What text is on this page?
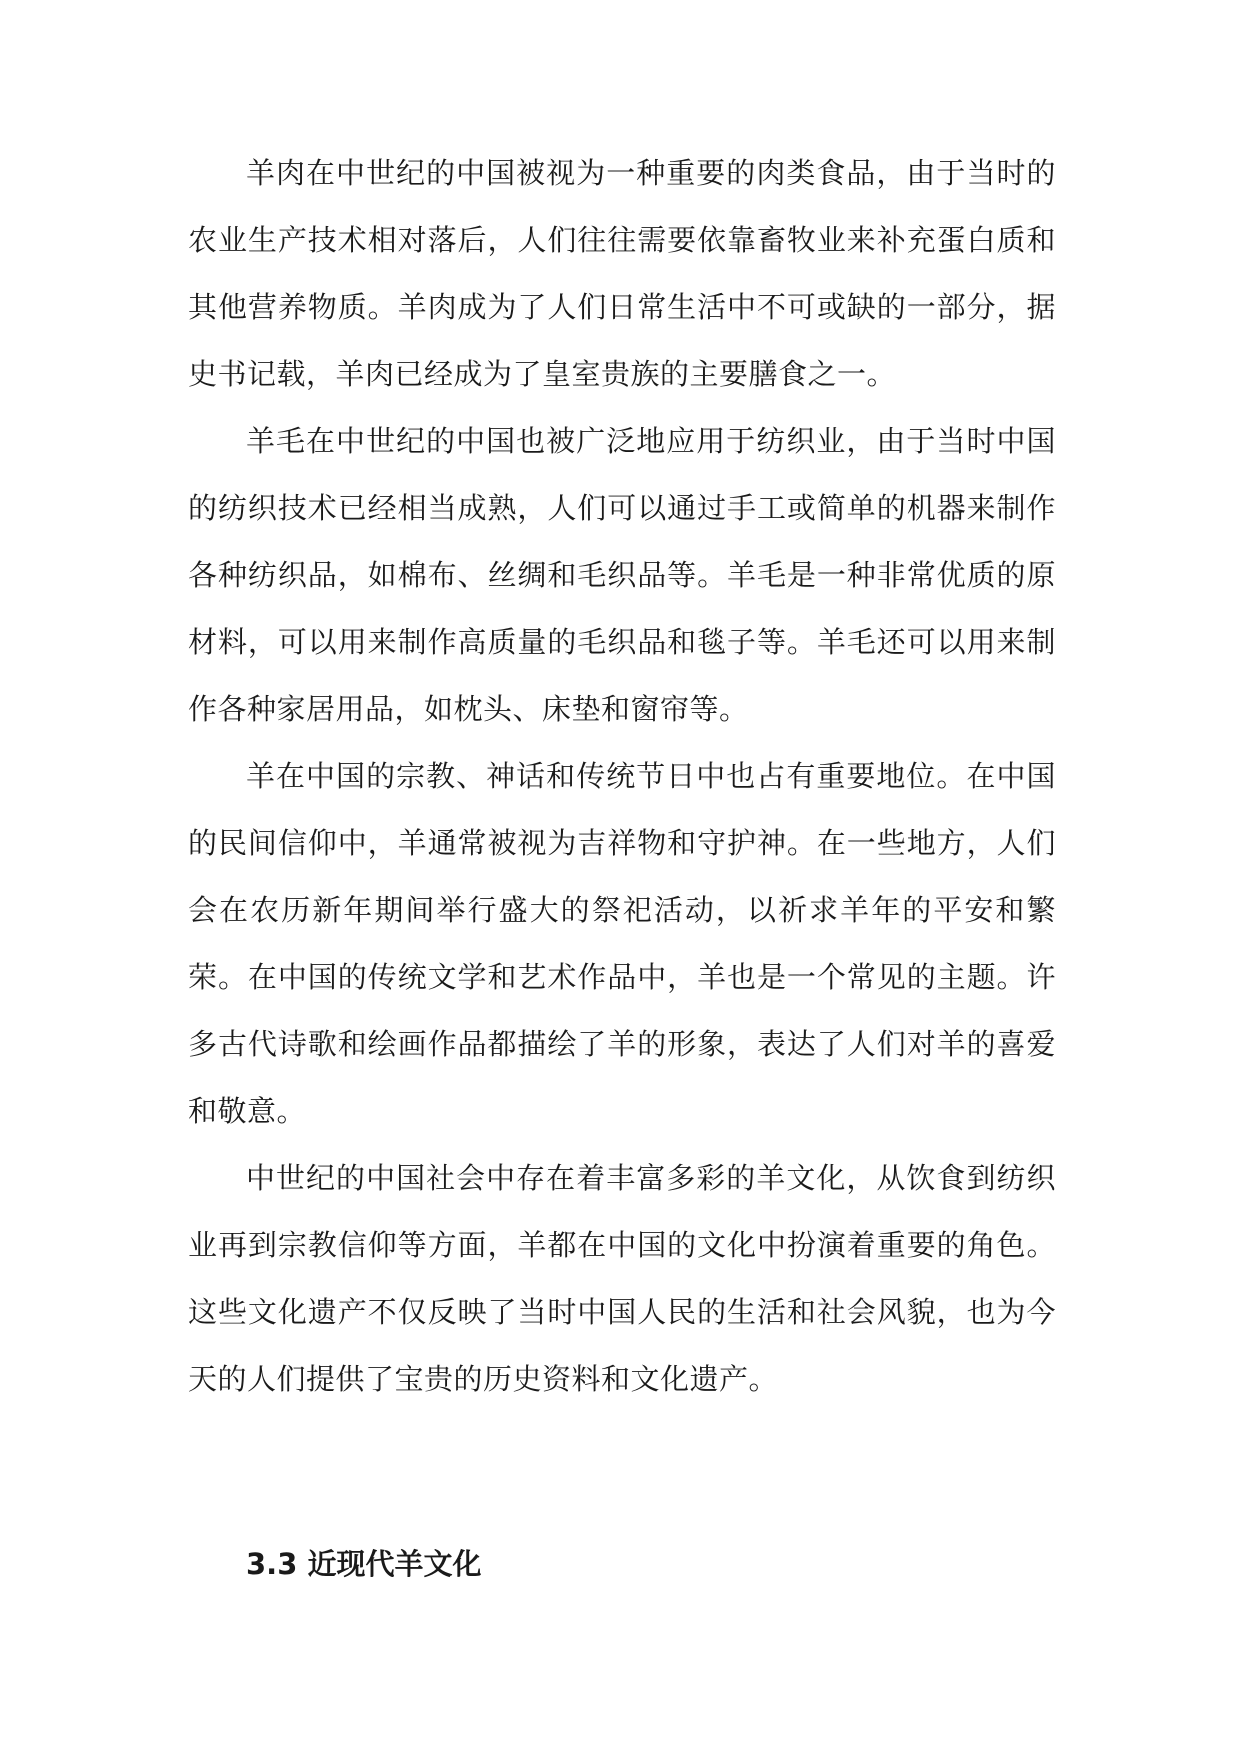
羊肉在中世纪的中国被视为一种重要的肉类食品，由于当时的农业生产技术相对落后，人们往往需要依靠畜牧业来补充蛋白质和其他营养物质。羊肉成为了人们日常生活中不可或缺的一部分，据史书记载，羊肉已经成为了皇室贵族的主要膳食之一。

羊毛在中世纪的中国也被广泛地应用于纺织业，由于当时中国的纺织技术已经相当成熟，人们可以通过手工或简单的机器来制作各种纺织品，如棉布、丝绸和毛织品等。羊毛是一种非常优质的原材料，可以用来制作高质量的毛织品和毯子等。羊毛还可以用来制作各种家居用品，如枕头、床垫和窗帘等。

羊在中国的宗教、神话和传统节日中也占有重要地位。在中国的民间信仰中，羊通常被视为吉祥物和守护神。在一些地方，人们会在农历新年期间举行盛大的祭祀活动，以祈求羊年的平安和繁荣。在中国的传统文学和艺术作品中，羊也是一个常见的主题。许多古代诗歌和绘画作品都描绘了羊的形象，表达了人们对羊的喜爱和敬意。

中世纪的中国社会中存在着丰富多彩的羊文化，从饮食到纺织业再到宗教信仰等方面，羊都在中国的文化中扮演着重要的角色。这些文化遗产不仅反映了当时中国人民的生活和社会风貌，也为今天的人们提供了宝贵的历史资料和文化遗产。

3.3 近现代羊文化
